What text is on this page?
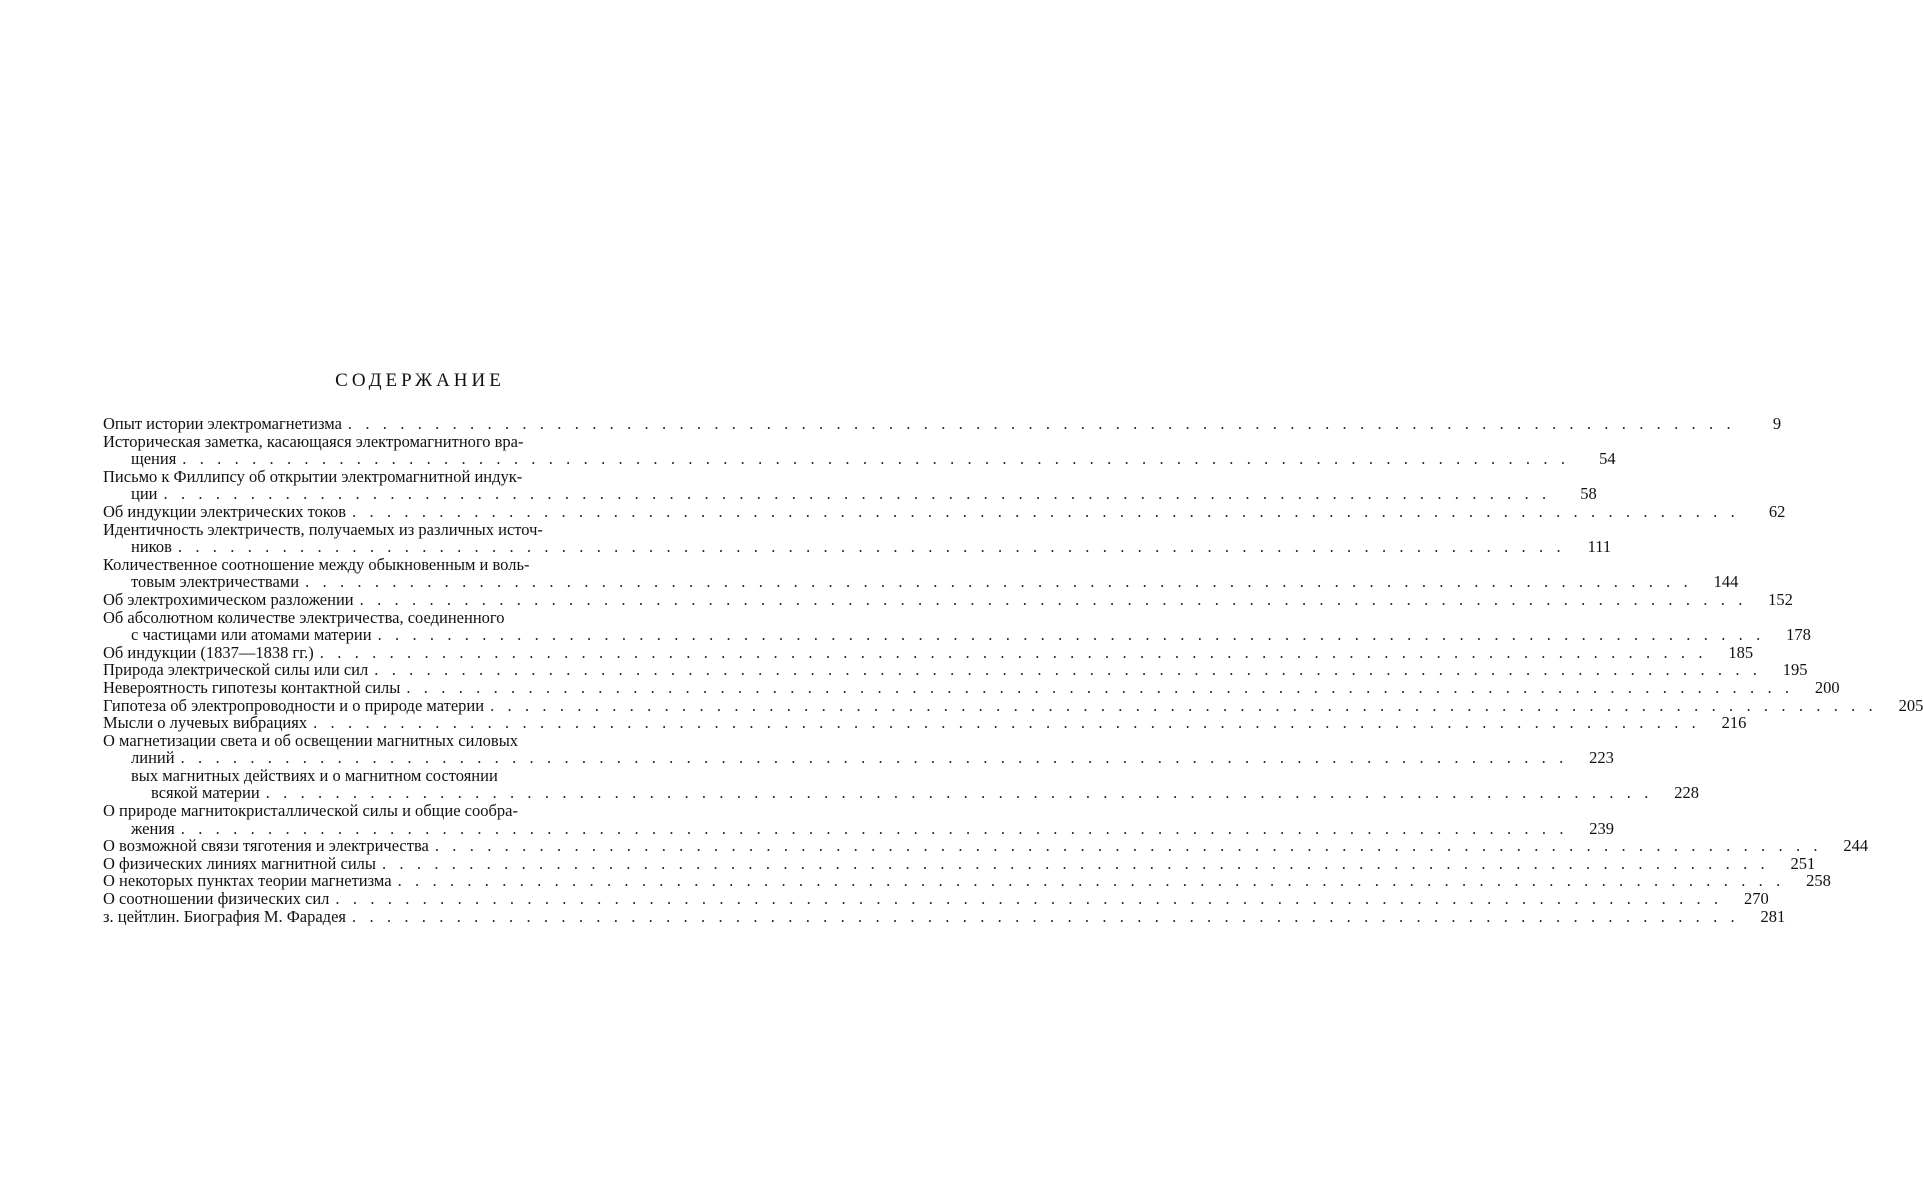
СОДЕРЖАНИЕ
Опыт истории электромагнетизма . . . . . . . . . . . . . . . . . . . . . . . . . . . . . . . . . . . . . . . . . . . . . . . . . . . . . . . . . . . . . . . . . . . . . . . . . . . . . . . .	9
Историческая заметка, касающаяся электромагнитного вра-
щения . . . . . . . . . . . . . . . . . . . . . . . . . . . . . . . . . . . . . . . . . . . . . . . . . . . . . . . . . . . . . . . . . . . . . . . . . . . . . . . .	54
Письмо к Филлипсу об открытии электромагнитной индук-
ции . . . . . . . . . . . . . . . . . . . . . . . . . . . . . . . . . . . . . . . . . . . . . . . . . . . . . . . . . . . . . . . . . . . . . . . . . . . . . . . .	58
Об индукции электрических токов . . . . . . . . . . . . . . . . . . . . . . . . . . . . . . . . . . . . . . . . . . . . . . . . . . . . . . . . . . . . . . . . . . . . . . . . . . . . . . . .	62
Идентичность электричеств, получаемых из различных источ-
ников . . . . . . . . . . . . . . . . . . . . . . . . . . . . . . . . . . . . . . . . . . . . . . . . . . . . . . . . . . . . . . . . . . . . . . . . . . . . . . . .	111
Количественное соотношение между обыкновенным и воль-
товым электричествами . . . . . . . . . . . . . . . . . . . . . . . . . . . . . . . . . . . . . . . . . . . . . . . . . . . . . . . . . . . . . . . . . . . . . . . . . . . . . . . .	144
Об электрохимическом разложении . . . . . . . . . . . . . . . . . . . . . . . . . . . . . . . . . . . . . . . . . . . . . . . . . . . . . . . . . . . . . . . . . . . . . . . . . . . . . . . .	152
Об абсолютном количестве электричества, соединенного
с частицами или атомами материи . . . . . . . . . . . . . . . . . . . . . . . . . . . . . . . . . . . . . . . . . . . . . . . . . . . . . . . . . . . . . . . . . . . . . . . . . . . . . . . .	178
Об индукции (1837—1838 гг.) . . . . . . . . . . . . . . . . . . . . . . . . . . . . . . . . . . . . . . . . . . . . . . . . . . . . . . . . . . . . . . . . . . . . . . . . . . . . . . . .	185
Природа электрической силы или сил . . . . . . . . . . . . . . . . . . . . . . . . . . . . . . . . . . . . . . . . . . . . . . . . . . . . . . . . . . . . . . . . . . . . . . . . . . . . . . . .	195
Невероятность гипотезы контактной силы . . . . . . . . . . . . . . . . . . . . . . . . . . . . . . . . . . . . . . . . . . . . . . . . . . . . . . . . . . . . . . . . . . . . . . . . . . . . . . . .	200
Гипотеза об электропроводности и о природе материи . . . . . . . . . . . . . . . . . . . . . . . . . . . . . . . . . . . . . . . . . . . . . . . . . . . . . . . . . . . . . . . . . . . . . . . . . . . . . . . .	205
Мысли о лучевых вибрациях . . . . . . . . . . . . . . . . . . . . . . . . . . . . . . . . . . . . . . . . . . . . . . . . . . . . . . . . . . . . . . . . . . . . . . . . . . . . . . . .	216
О магнетизации света и об освещении магнитных силовых
линий . . . . . . . . . . . . . . . . . . . . . . . . . . . . . . . . . . . . . . . . . . . . . . . . . . . . . . . . . . . . . . . . . . . . . . . . . . . . . . . .	223
вых магнитных действиях и о магнитном состоянии
всякой материи . . . . . . . . . . . . . . . . . . . . . . . . . . . . . . . . . . . . . . . . . . . . . . . . . . . . . . . . . . . . . . . . . . . . . . . . . . . . . . . .	228
О природе магнитокристаллической силы и общие сообра-
жения . . . . . . . . . . . . . . . . . . . . . . . . . . . . . . . . . . . . . . . . . . . . . . . . . . . . . . . . . . . . . . . . . . . . . . . . . . . . . . . .	239
О возможной связи тяготения и электричества . . . . . . . . . . . . . . . . . . . . . . . . . . . . . . . . . . . . . . . . . . . . . . . . . . . . . . . . . . . . . . . . . . . . . . . . . . . . . . . .	244
О физических линиях магнитной силы . . . . . . . . . . . . . . . . . . . . . . . . . . . . . . . . . . . . . . . . . . . . . . . . . . . . . . . . . . . . . . . . . . . . . . . . . . . . . . . .	251
О некоторых пунктах теории магнетизма . . . . . . . . . . . . . . . . . . . . . . . . . . . . . . . . . . . . . . . . . . . . . . . . . . . . . . . . . . . . . . . . . . . . . . . . . . . . . . . .	258
О соотношении физических сил . . . . . . . . . . . . . . . . . . . . . . . . . . . . . . . . . . . . . . . . . . . . . . . . . . . . . . . . . . . . . . . . . . . . . . . . . . . . . . . .	270
з. цейтлин. Биография М. Фарадея . . . . . . . . . . . . . . . . . . . . . . . . . . . . . . . . . . . . . . . . . . . . . . . . . . . . . . . . . . . . . . . . . . . . . . . . . . . . . . . .	281
